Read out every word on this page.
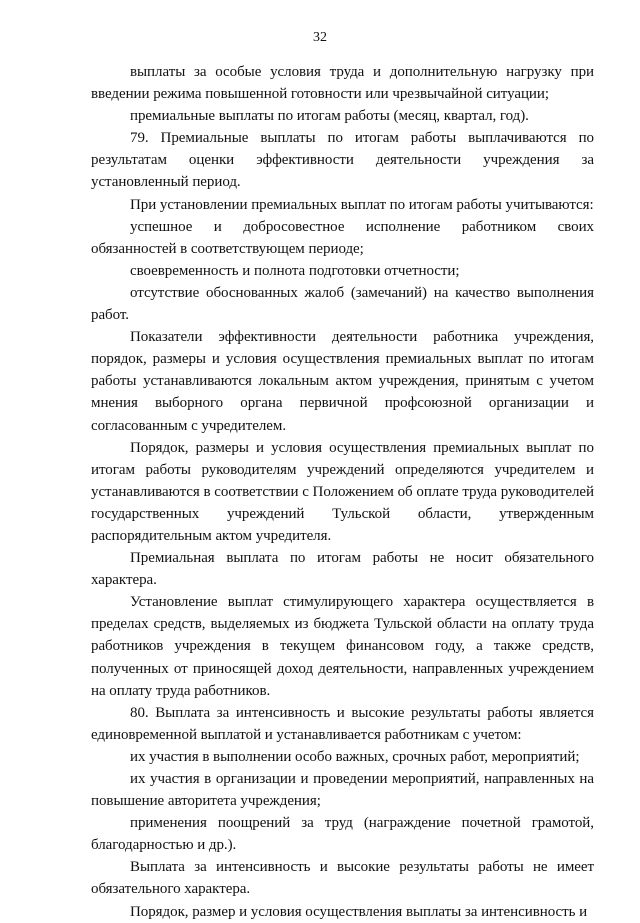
32

выплаты за особые условия труда и дополнительную нагрузку при введении режима повышенной готовности или чрезвычайной ситуации;

премиальные выплаты по итогам работы (месяц, квартал, год).

79. Премиальные выплаты по итогам работы выплачиваются по результатам оценки эффективности деятельности учреждения за установленный период.

При установлении премиальных выплат по итогам работы учитываются:

успешное и добросовестное исполнение работником своих обязанностей в соответствующем периоде;

своевременность и полнота подготовки отчетности;

отсутствие обоснованных жалоб (замечаний) на качество выполнения работ.

Показатели эффективности деятельности работника учреждения, порядок, размеры и условия осуществления премиальных выплат по итогам работы устанавливаются локальным актом учреждения, принятым с учетом мнения выборного органа первичной профсоюзной организации и согласованным с учредителем.

Порядок, размеры и условия осуществления премиальных выплат по итогам работы руководителям учреждений определяются учредителем и устанавливаются в соответствии с Положением об оплате труда руководителей государственных учреждений Тульской области, утвержденным распорядительным актом учредителя.

Премиальная выплата по итогам работы не носит обязательного характера.

Установление выплат стимулирующего характера осуществляется в пределах средств, выделяемых из бюджета Тульской области на оплату труда работников учреждения в текущем финансовом году, а также средств, полученных от приносящей доход деятельности, направленных учреждением на оплату труда работников.

80. Выплата за интенсивность и высокие результаты работы является единовременной выплатой и устанавливается работникам с учетом:

их участия в выполнении особо важных, срочных работ, мероприятий;

их участия в организации и проведении мероприятий, направленных на повышение авторитета учреждения;

применения поощрений за труд (награждение почетной грамотой, благодарностью и др.).

Выплата за интенсивность и высокие результаты работы не имеет обязательного характера.

Порядок, размер и условия осуществления выплаты за интенсивность и
